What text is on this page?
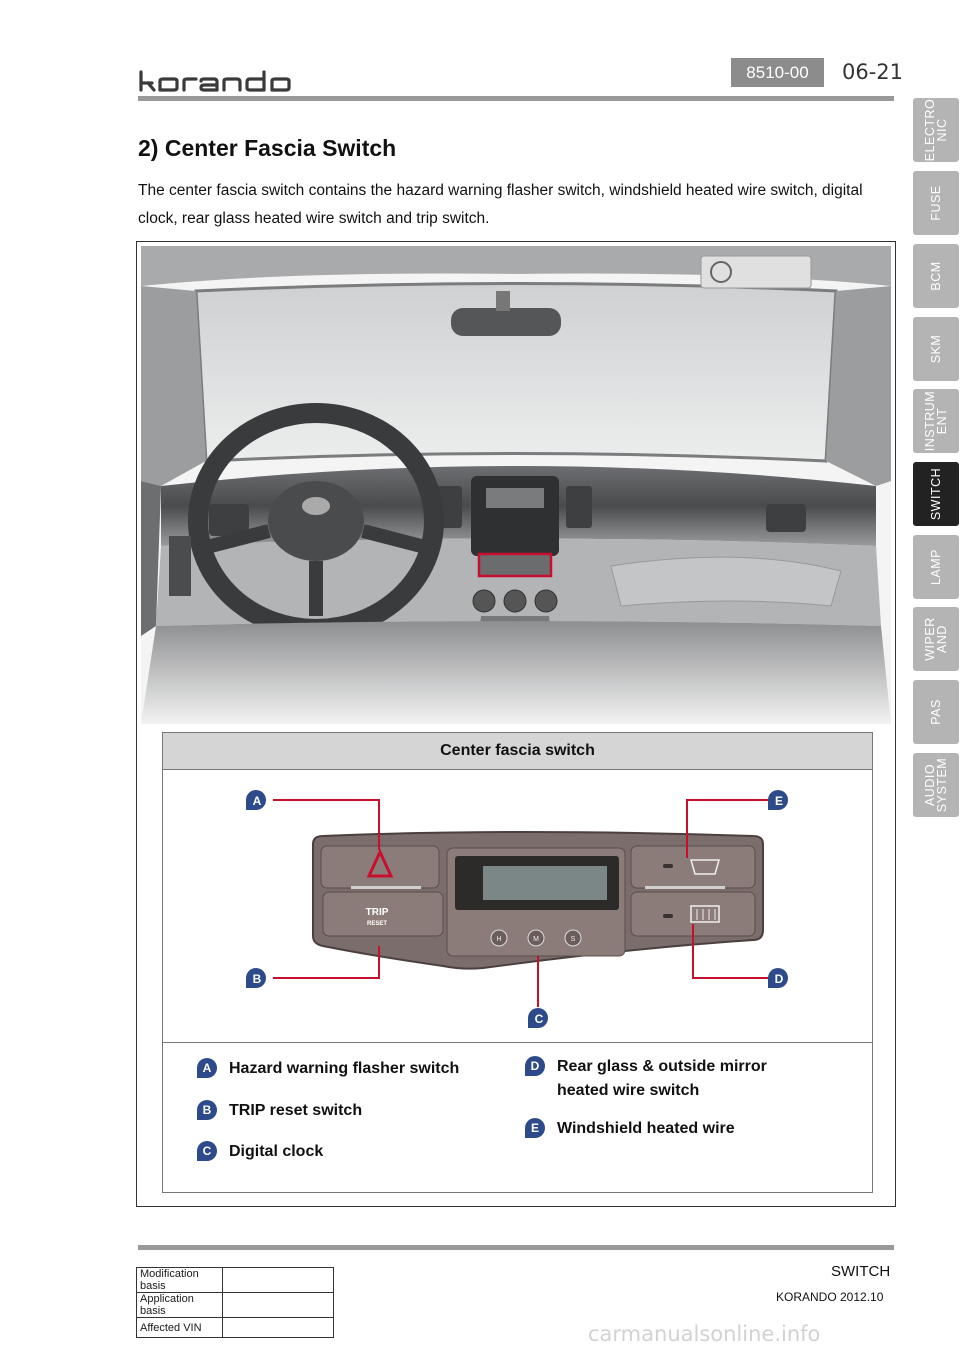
korando	8510-00	06-21
ELECTRO
NIC
FUSE
BCM
SKM
INSTRUM
ENT
SWITCH
LAMP
WIPER
AND
PAS
AUDIO
SYSTEM
2) Center Fascia Switch
The center fascia switch contains the hazard warning flasher switch, windshield heated wire switch, digital clock, rear glass heated wire switch and trip switch.
Center fascia switch
TRIP
RESET
H	M	S
A
B
C
D
E
A	Hazard warning flasher switch
B	TRIP reset switch
C	Digital clock
D	Rear glass & outside mirror
heated wire switch
E	Windshield heated wire
Modification basis	
Application basis	
Affected VIN	
SWITCH
KORANDO 2012.10
carmanualsonline.info
